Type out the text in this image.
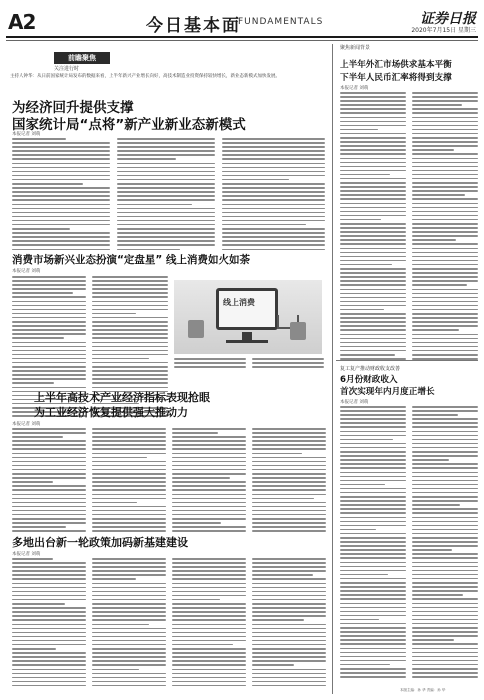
A2	今日基本面
FUNDAMENTALS	证券日报
2020年7月15日 星期三
前瞻聚焦
关注进行时
主持人钟华：从日前国家统计局发布的数据来看，上半年新兴产业增长向好，高技术制造业投资保持较快增长，新业态新模式加快发展。
为经济回升提供支撑
国家统计局“点将”新产业新业态新模式
本报记者 刘萌
消费市场新兴业态扮演“定盘星” 线上消费如火如荼
本报记者 刘萌
线上消费
上半年高技术产业经济指标表现抢眼
为工业经济恢复提供强大推动力
本报记者 刘萌
多地出台新一轮政策加码新基建建设
本报记者 刘萌
聚焦新闻背景
上半年外汇市场供求基本平衡
下半年人民币汇率将得到支撑
本报记者 刘萌
复工复产推动财政收支改善
6月份财政收入
首次实现年内月度正增长
本报记者 刘萌
本版主编：孙 华 责编：孙 华
